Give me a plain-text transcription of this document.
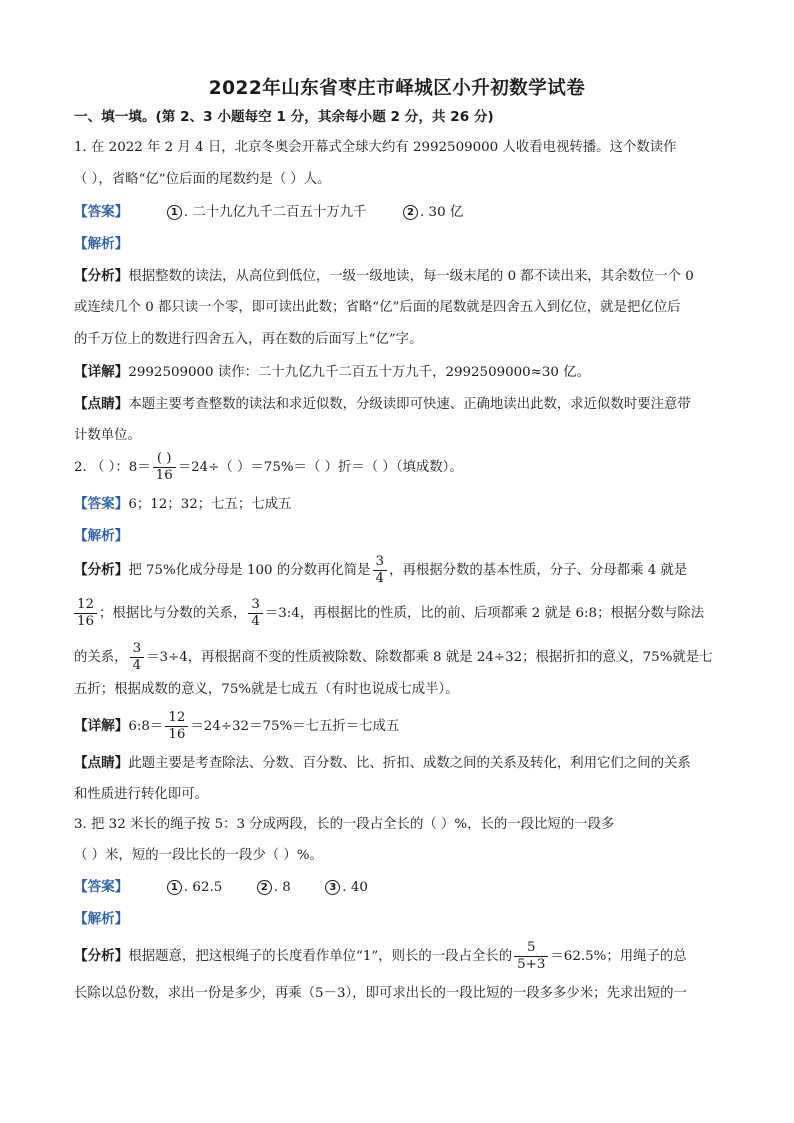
2022年山东省枣庄市峄城区小升初数学试卷
一、填一填。(第 2、3 小题每空 1 分，其余每小题 2 分，共 26 分)
1. 在 2022 年 2 月 4 日，北京冬奥会开幕式全球大约有 2992509000 人收看电视转播。这个数读作
（ ），省略“亿”位后面的尾数约是（ ）人。
【答案】	1 . 二十九亿九千二百五十万九千	2 . 30 亿
【解析】
【分析】根据整数的读法，从高位到低位，一级一级地读，每一级末尾的 0 都不读出来，其余数位一个 0
或连续几个 0 都只读一个零，即可读出此数；省略“亿”后面的尾数就是四舍五入到亿位，就是把亿位后
的千万位上的数进行四舍五入，再在数的后面写上“亿”字。
【详解】2992509000 读作：二十九亿九千二百五十万九千，2992509000≈30 亿。
【点睛】本题主要考查整数的读法和求近似数，分级读即可快速、正确地读出此数，求近似数时要注意带
计数单位。
2. （ ）：$8= \frac{( )}{16} =24\div$（ ）＝75%＝（ ）折＝（ ）（填成数）。
【答案】6；12；32；七五；七成五
【解析】
【分析】把 75%化成分母是 100 的分数再化简是 $\frac{3}{4}$ ，再根据分数的基本性质，分子、分母都乘 4 就是
$\frac{12}{16}$ ；根据比与分数的关系， $\frac{3}{4}$ ＝3:4，再根据比的性质，比的前、后项都乘 2 就是 6:8；根据分数与除法
的关系， $\frac{3}{4} =3\div 4$，再根据商不变的性质被除数、除数都乘 8 就是 24÷32；根据折扣的意义，75%就是七
五折；根据成数的意义，75%就是七成五（有时也说成七成半）。
【详解】6:8＝ $\frac{12}{16} =24\div 32=75\%=$七五折＝七成五
【点睛】此题主要是考查除法、分数、百分数、比、折扣、成数之间的关系及转化，利用它们之间的关系
和性质进行转化即可。
3. 把 32 米长的绳子按 5：3 分成两段，长的一段占全长的（ ）%，长的一段比短的一段多
（ ）米，短的一段比长的一段少（ ）%。
【答案】	1 . 62.5	2 . 8	3 . 40
【解析】
【分析】根据题意，把这根绳子的长度看作单位“1”，则长的一段占全长的 $\frac{5}{5+3} =62.5\%$；用绳子的总
长除以总份数，求出一份是多少，再乘（5－3），即可求出长的一段比短的一段多多少米；先求出短的一
